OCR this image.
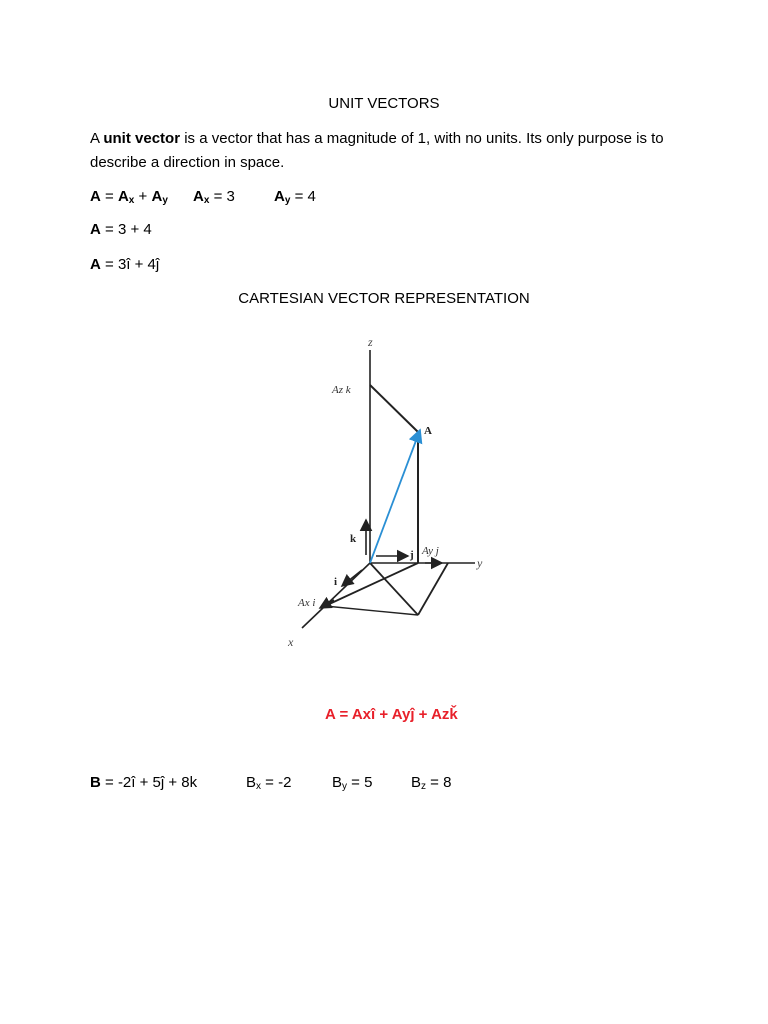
UNIT VECTORS
A unit vector is a vector that has a magnitude of 1, with no units. Its only purpose is to describe a direction in space.
$A = A_x + A_y$ $A_x = 3$	$A_y = 4$
A = 3 + 4
A = 3î + 4ĵ
CARTESIAN VECTOR REPRESENTATION
z
y
x
A
k
j
i
Az k
Ay j
Ax i
A = Axî + Ayĵ + Azǩ
B = -2î + 5ĵ + 8k	$B_x = -2$	$B_y = 5$	$B_z = 8$
